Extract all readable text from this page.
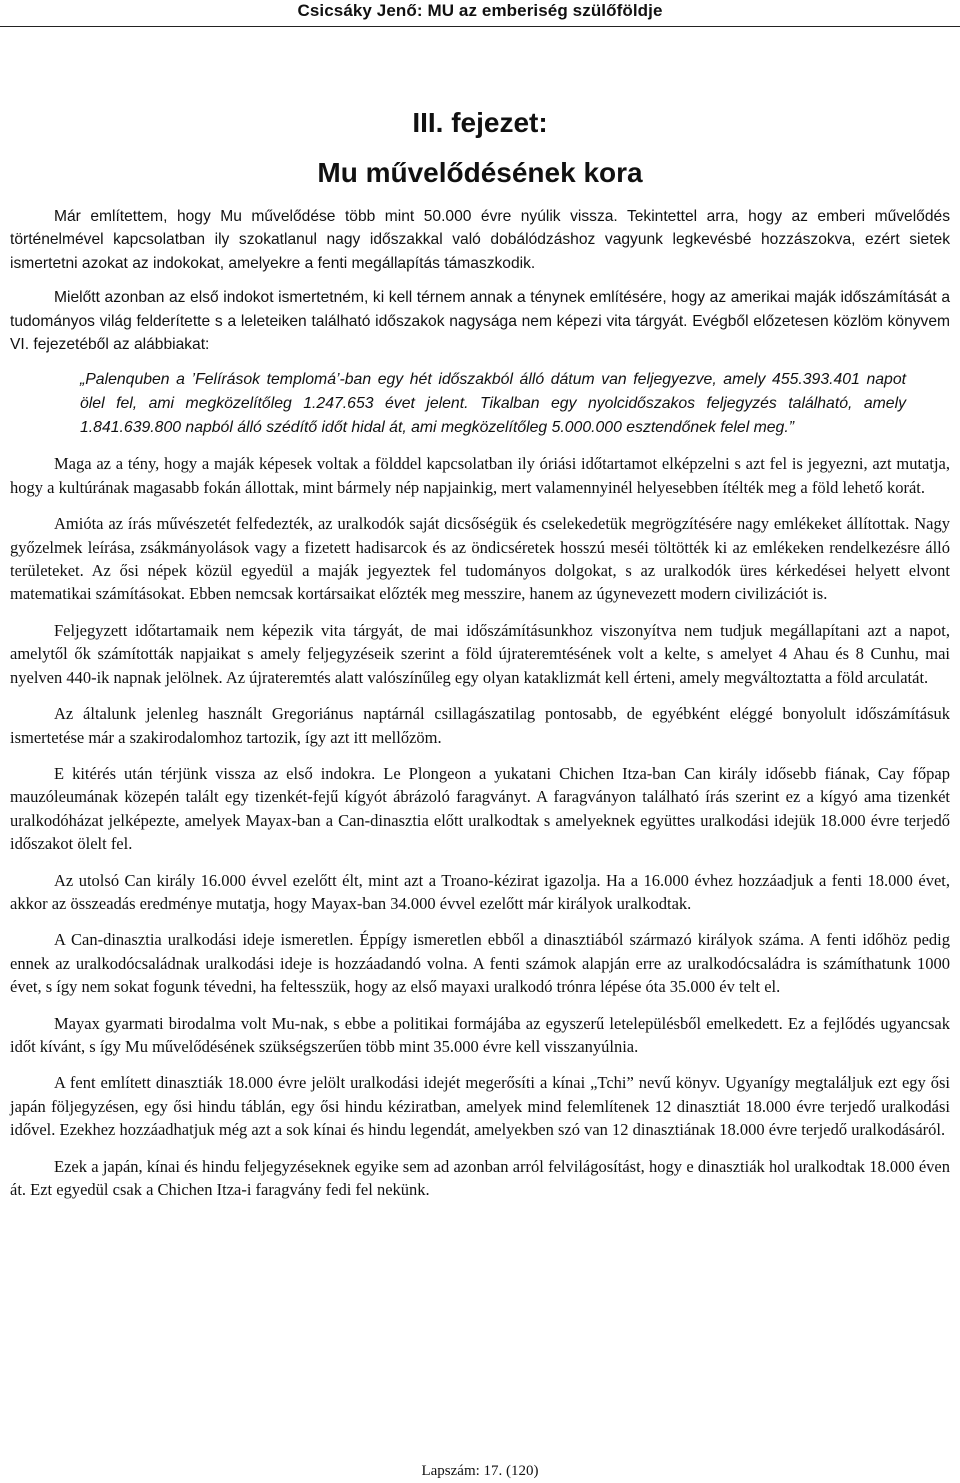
Csicsáky Jenő: MU az emberiség szülőföldje
III. fejezet:
Mu művelődésének kora

Már említettem, hogy Mu művelődése több mint 50.000 évre nyúlik vissza. Tekintettel arra, hogy az emberi művelődés történelmével kapcsolatban ily szokatlanul nagy időszakkal való dobálódzáshoz vagyunk legkevésbé hozzászokva, ezért sietek ismertetni azokat az indokokat, amelyekre a fenti megállapítás támaszkodik.

Mielőtt azonban az első indokot ismertetném, ki kell térnem annak a ténynek említésére, hogy az amerikai maják időszámítását a tudományos világ felderítette s a leleteiken található időszakok nagysága nem képezi vita tárgyát. Evégből előzetesen közlöm könyvem VI. fejezetéből az alábbiakat:

„Palenquben a ’Felírások templomá’-ban egy hét időszakból álló dátum van feljegyezve, amely 455.393.401 napot ölel fel, ami megközelítőleg 1.247.653 évet jelent. Tikalban egy nyolcidőszakos feljegyzés található, amely 1.841.639.800 napból álló szédítő időt hidal át, ami megközelítőleg 5.000.000 esztendőnek felel meg.”

Maga az a tény, hogy a maják képesek voltak a földdel kapcsolatban ily óriási időtartamot elképzelni s azt fel is jegyezni, azt mutatja, hogy a kultúrának magasabb fokán állottak, mint bármely nép napjainkig, mert valamennyinél helyesebben ítélték meg a föld lehető korát.

Amióta az írás művészetét felfedezték, az uralkodók saját dicsőségük és cselekedetük megrögzítésére nagy emlékeket állítottak. Nagy győzelmek leírása, zsákmányolások vagy a fizetett hadisarcok és az öndicséretek hosszú meséi töltötték ki az emlékeken rendelkezésre álló területeket. Az ősi népek közül egyedül a maják jegyeztek fel tudományos dolgokat, s az uralkodók üres kérkedései helyett elvont matematikai számításokat. Ebben nemcsak kortársaikat előzték meg messzire, hanem az úgynevezett modern civilizációt is.

Feljegyzett időtartamaik nem képezik vita tárgyát, de mai időszámításunkhoz viszonyítva nem tudjuk megállapítani azt a napot, amelytől ők számították napjaikat s amely feljegyzéseik szerint a föld újrateremtésének volt a kelte, s amelyet 4 Ahau és 8 Cunhu, mai nyelven 440-ik napnak jelölnek. Az újrateremtés alatt valószínűleg egy olyan kataklizmát kell érteni, amely megváltoztatta a föld arculatát.

Az általunk jelenleg használt Gregoriánus naptárnál csillagászatilag pontosabb, de egyébként eléggé bonyolult időszámításuk ismertetése már a szakirodalomhoz tartozik, így azt itt mellőzöm.

E kitérés után térjünk vissza az első indokra. Le Plongeon a yukatani Chichen Itza-ban Can király idősebb fiának, Cay főpap mauzóleumának közepén talált egy tizenkét-fejű kígyót ábrázoló faragványt. A faragványon található írás szerint ez a kígyó ama tizenkét uralkodóházat jelképezte, amelyek Mayax-ban a Can-dinasztia előtt uralkodtak s amelyeknek együttes uralkodási idejük 18.000 évre terjedő időszakot ölelt fel.

Az utolsó Can király 16.000 évvel ezelőtt élt, mint azt a Troano-kézirat igazolja. Ha a 16.000 évhez hozzáadjuk a fenti 18.000 évet, akkor az összeadás eredménye mutatja, hogy Mayax-ban 34.000 évvel ezelőtt már királyok uralkodtak.

A Can-dinasztia uralkodási ideje ismeretlen. Éppígy ismeretlen ebből a dinasztiából származó királyok száma. A fenti időhöz pedig ennek az uralkodócsaládnak uralkodási ideje is hozzáadandó volna. A fenti számok alapján erre az uralkodócsaládra is számíthatunk 1000 évet, s így nem sokat fogunk tévedni, ha feltesszük, hogy az első mayaxi uralkodó trónra lépése óta 35.000 év telt el.

Mayax gyarmati birodalma volt Mu-nak, s ebbe a politikai formájába az egyszerű letelepülésből emelkedett. Ez a fejlődés ugyancsak időt kívánt, s így Mu művelődésének szükségszerűen több mint 35.000 évre kell visszanyúlnia.

A fent említett dinasztiák 18.000 évre jelölt uralkodási idejét megerősíti a kínai „Tchi” nevű könyv. Ugyanígy megtaláljuk ezt egy ősi japán följegyzésen, egy ősi hindu táblán, egy ősi hindu kéziratban, amelyek mind felemlítenek 12 dinasztiát 18.000 évre terjedő uralkodási idővel. Ezekhez hozzáadhatjuk még azt a sok kínai és hindu legendát, amelyekben szó van 12 dinasztiának 18.000 évre terjedő uralkodásáról.

Ezek a japán, kínai és hindu feljegyzéseknek egyike sem ad azonban arról felvilágosítást, hogy e dinasztiák hol uralkodtak 18.000 éven át. Ezt egyedül csak a Chichen Itza-i faragvány fedi fel nekünk.

Lapszám: 17. (120)
